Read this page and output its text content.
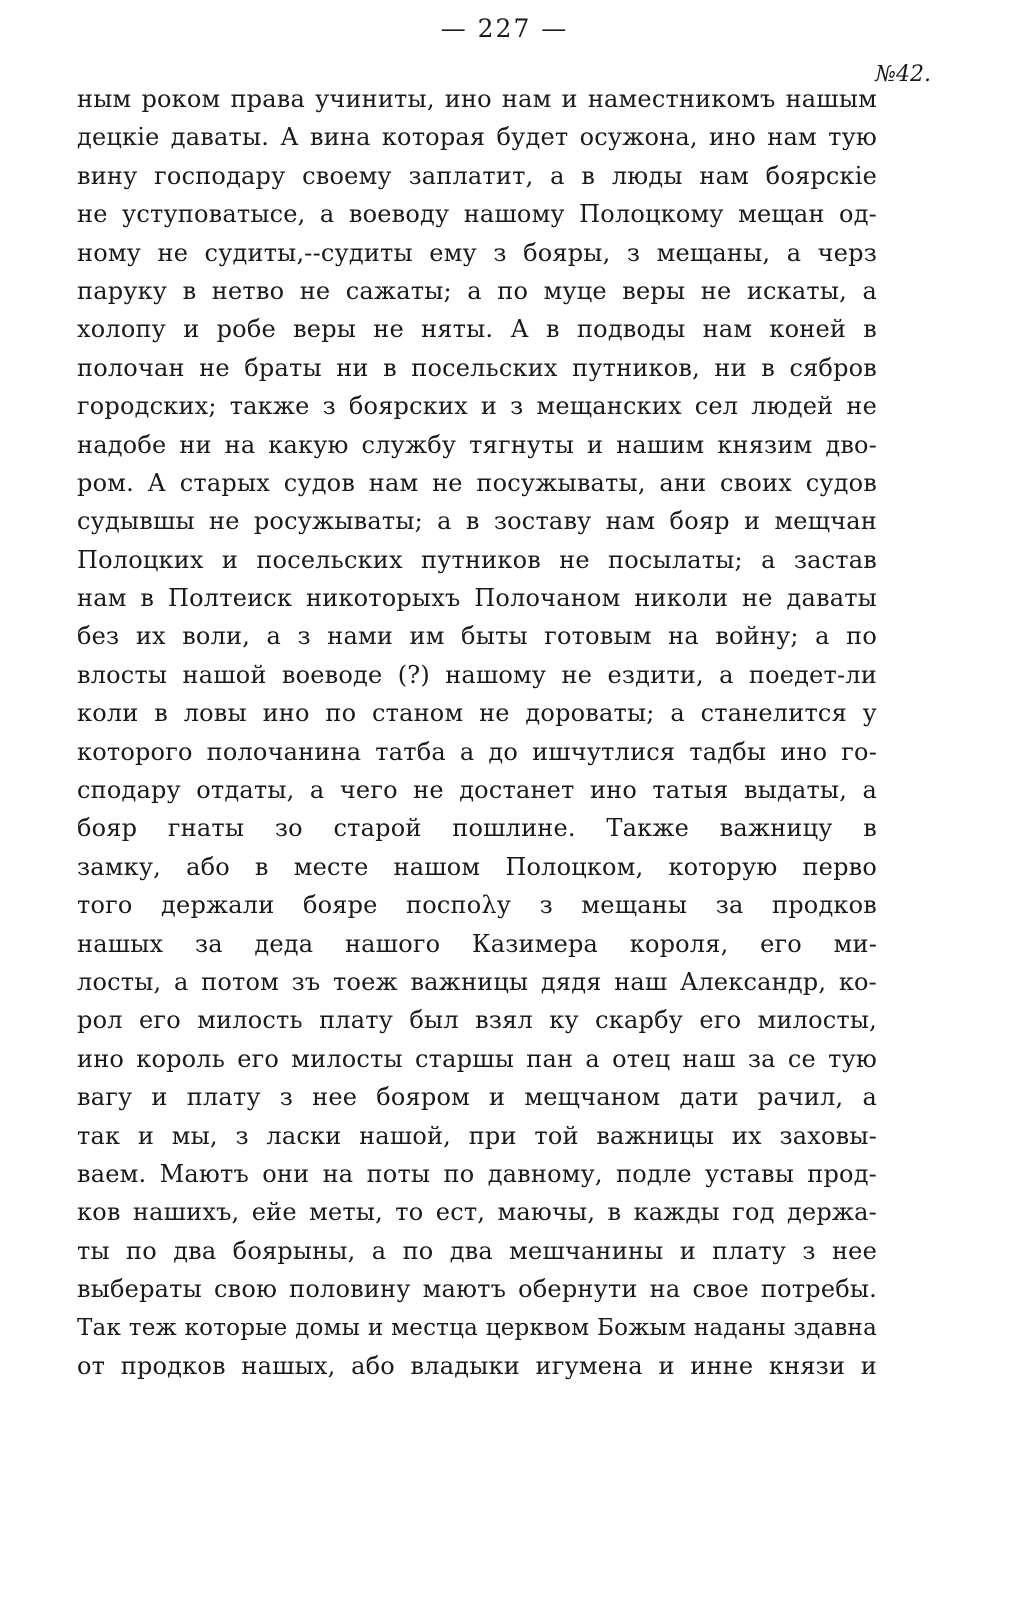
— 227 —
№42.
ным роком права учиниты, ино нам и наместникомъ нашым
децкіе даваты. А вина которая будет осужона, ино нам тую
вину господару своему заплатит, а в люды нам боярскіе
не уступоватысе, а воеводу нашому Полоцкому мещан од-
ному не судиты,--судиты ему з бояры, з мещаны, а черз
паруку в нетво не сажаты; а по муце веры не искаты, а
холопу и робе веры не няты. А в подводы нам коней в
полочан не браты ни в посельских путников, ни в сябров
городских; также з боярских и з мещанских сел людей не
надобе ни на какую службу тягнуты и нашим князим дво-
ром. А старых судов нам не посужываты, ани своих судов
судывшы не росужываты; а в зоставу нам бояр и мещчан
Полоцких и посельских путников не посылаты; а застав
нам в Полтеиск никоторыхъ Полочаном николи не даваты
без их воли, а з нами им быты готовым на войну; а по
влосты нашой воеводе (?) нашому не ездити, а поедет-ли
коли в ловы ино по станом не дороваты; а станелится у
которого полочанина татба а до ишчутлися тадбы ино го-
сподару отдаты, а чего не достанет ино татыя выдаты, а
бояр гнаты зо старой пошлине. Также важницу в
замку, або в месте нашом Полоцком, которую перво
того держали бояре поспολу з мещаны за продков
нашых за деда нашого Казимера короля, его ми-
лосты, а потом зъ тоеж важницы дядя наш Александр, ко-
рол его милость плату был взял ку скарбу его милосты,
ино король его милосты старшы пан а отец наш за се тую
вагу и плату з нее бояром и мещчаном дати рачил, а
так и мы, з ласки нашой, при той важницы их заховы-
ваем. Маютъ они на поты по давному, подле уставы прод-
ков нашихъ, ейе меты, то ест, маючы, в кажды год держа-
ты по два боярыны, а по два мешчанины и плату з нее
выбераты свою половину маютъ обернути на свое потребы.
Так теж которые домы и местца церквом Божым наданы здавна
от продков нашых, або владыки игумена и инне князи и
